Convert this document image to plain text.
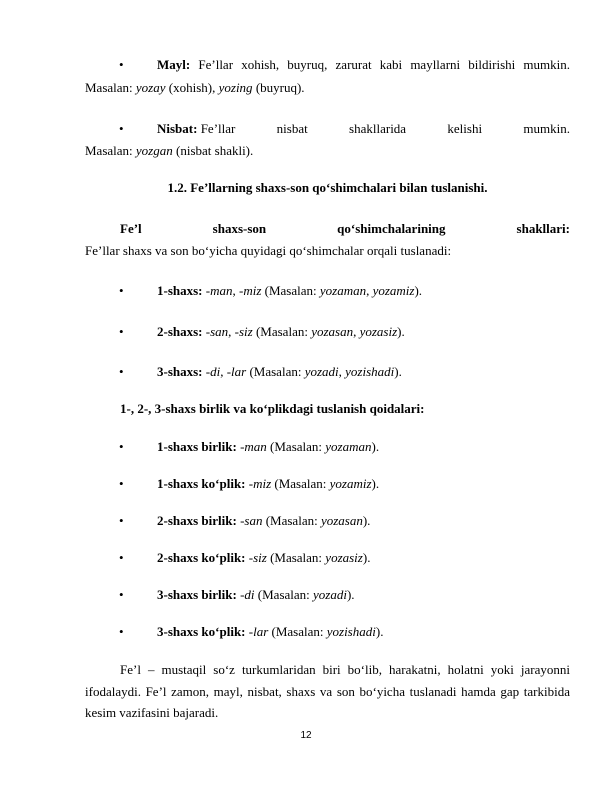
•	Mayl: Fe’llar xohish, buyruq, zarurat kabi mayllarni bildirishi mumkin.
Masalan: yozay (xohish), yozing (buyruq).
•	Nisbat: Fe’llar	nisbat	shakllarida	kelishi	mumkin.
Masalan: yozgan (nisbat shakli).
1.2. Fe’llarning shaxs-son qo‘shimchalari bilan tuslanishi.
Fe’l	shaxs-son	qo‘shimchalarining	shakllari:
Fe’llar shaxs va son bo‘yicha quyidagi qo‘shimchalar orqali tuslanadi:
•	1-shaxs: -man, -miz (Masalan: yozaman, yozamiz).
•	2-shaxs: -san, -siz (Masalan: yozasan, yozasiz).
•	3-shaxs: -di, -lar (Masalan: yozadi, yozishadi).
1-, 2-, 3-shaxs birlik va ko‘plikdagi tuslanish qoidalari:
•	1-shaxs birlik: -man (Masalan: yozaman).
•	1-shaxs ko‘plik: -miz (Masalan: yozamiz).
•	2-shaxs birlik: -san (Masalan: yozasan).
•	2-shaxs ko‘plik: -siz (Masalan: yozasiz).
•	3-shaxs birlik: -di (Masalan: yozadi).
•	3-shaxs ko‘plik: -lar (Masalan: yozishadi).
Fe’l – mustaqil so‘z turkumlaridan biri bo‘lib, harakatni, holatni yoki jarayonni ifodalaydi. Fe’l zamon, mayl, nisbat, shaxs va son bo‘yicha tuslanadi hamda gap tarkibida kesim vazifasini bajaradi.
12
